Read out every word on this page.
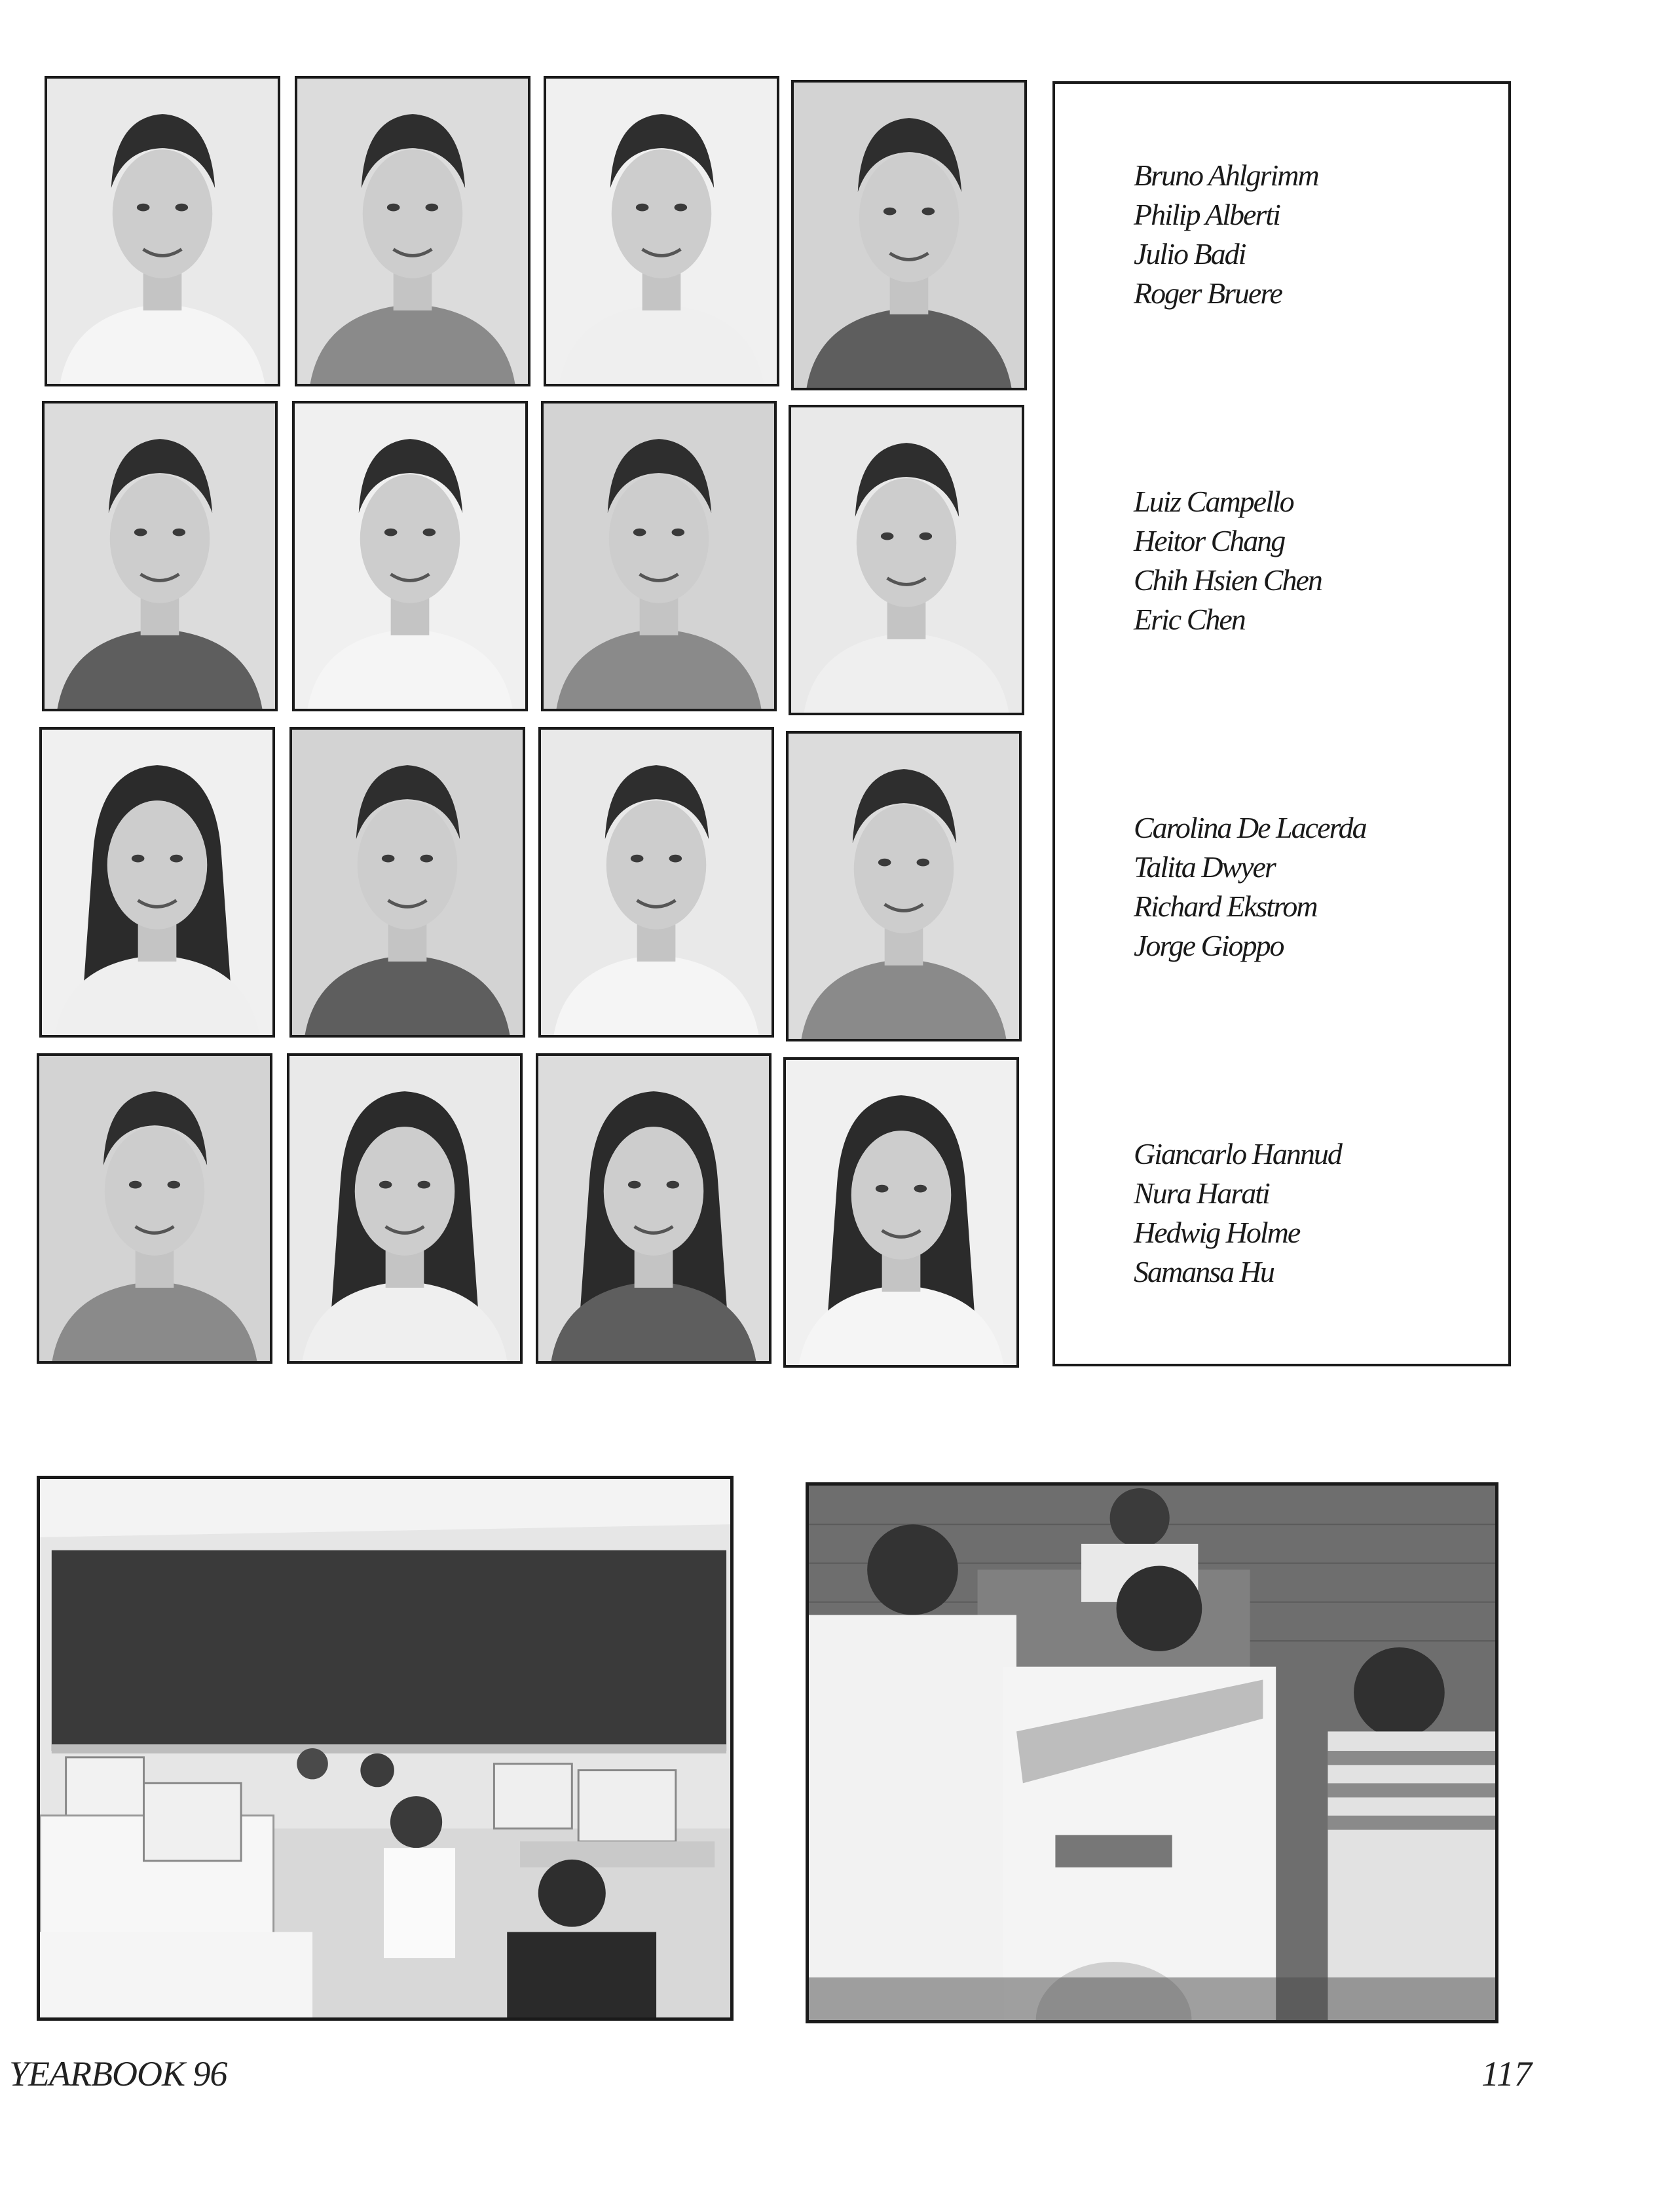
Bruno Ahlgrimm
Philip Alberti
Julio Badi
Roger Bruere
Luiz Campello
Heitor Chang
Chih Hsien Chen
Eric Chen
Carolina De Lacerda
Talita Dwyer
Richard Ekstrom
Jorge Gioppo
Giancarlo Hannud
Nura Harati
Hedwig Holme
Samansa Hu
YEARBOOK 96	117
